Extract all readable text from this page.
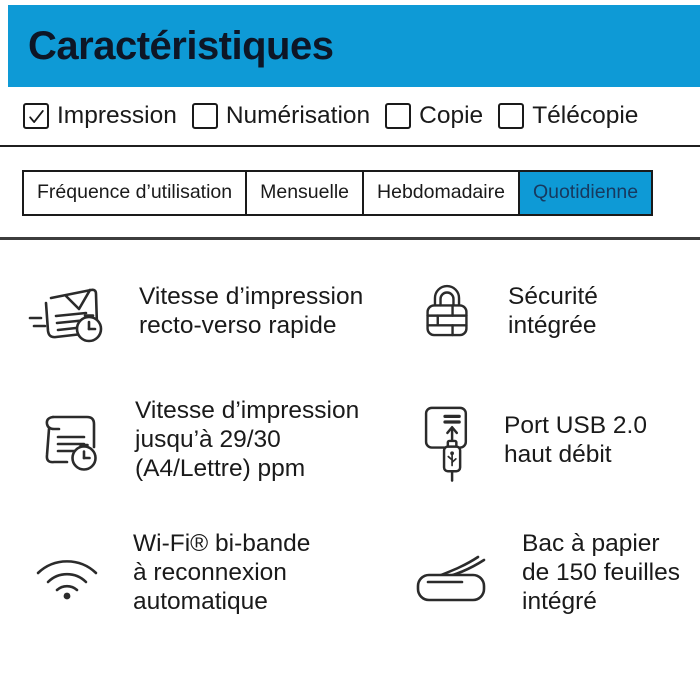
Caractéristiques
Impression Numérisation Copie Télécopie
Fréquence d’utilisation	Mensuelle	Hebdomadaire	Quotidienne
Vitesse d’impression
recto-verso rapide
Sécurité
intégrée
Vitesse d’impression
jusqu’à 29/30
(A4/Lettre) ppm
Port USB 2.0
haut débit
Wi-Fi® bi-bande
à reconnexion
automatique
Bac à papier
de 150 feuilles
intégré
